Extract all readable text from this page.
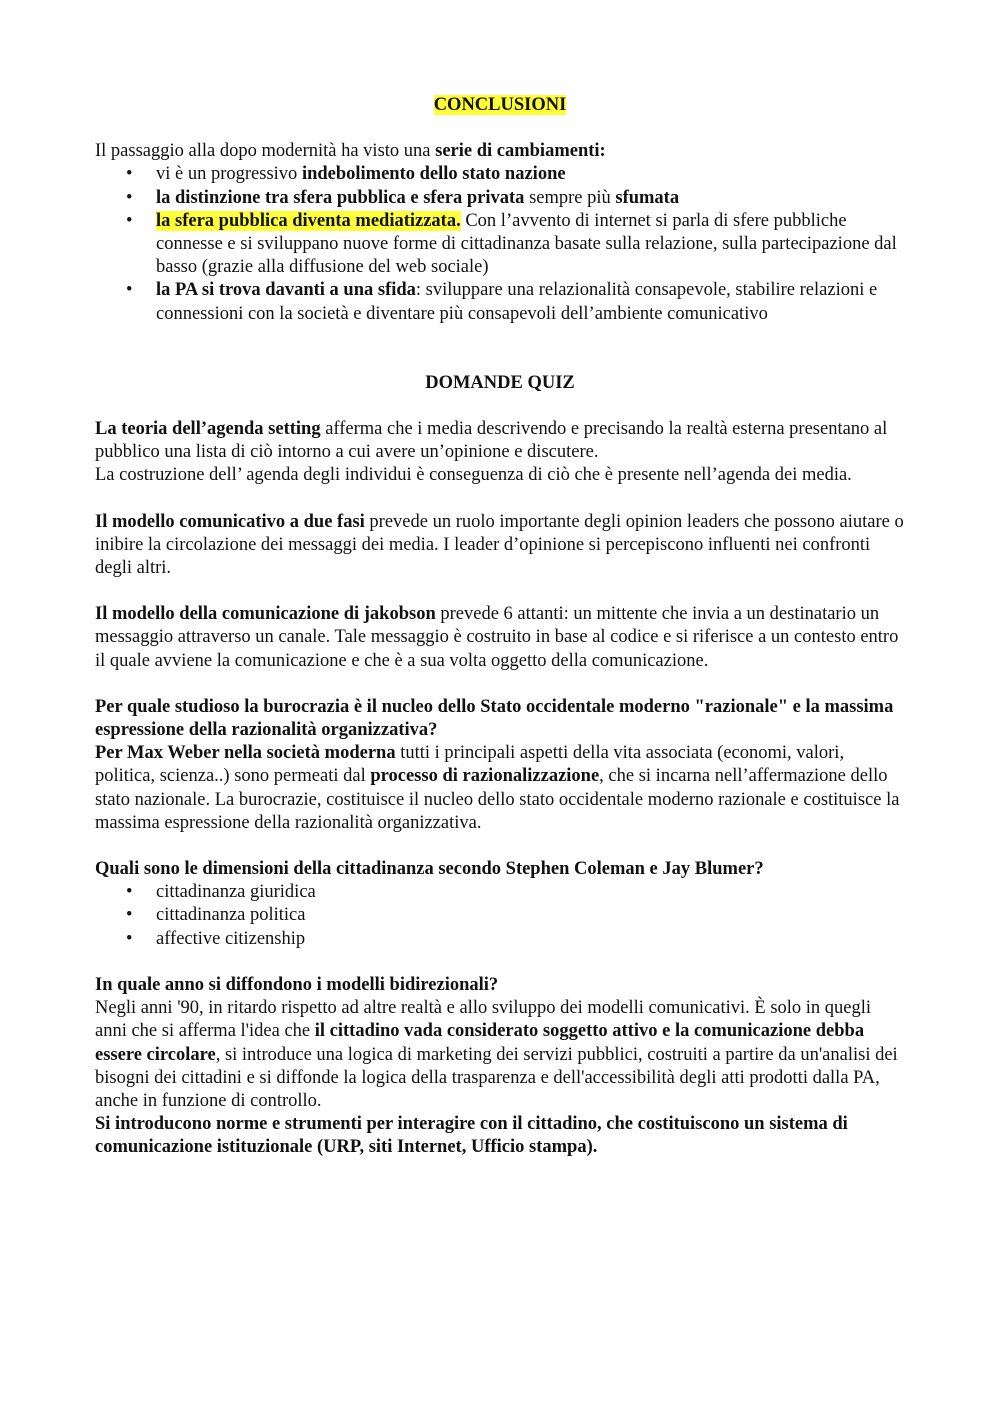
CONCLUSIONI

Il passaggio alla dopo modernità ha visto una serie di cambiamenti:

• vi è un progressivo indebolimento dello stato nazione
• la distinzione tra sfera pubblica e sfera privata sempre più sfumata
• la sfera pubblica diventa mediatizzata. Con l’avvento di internet si parla di sfere pubbliche connesse e si sviluppano nuove forme di cittadinanza basate sulla relazione, sulla partecipazione dal basso (grazie alla diffusione del web sociale)
• la PA si trova davanti a una sfida: sviluppare una relazionalità consapevole, stabilire relazioni e connessioni con la società e diventare più consapevoli dell’ambiente comunicativo

DOMANDE QUIZ

La teoria dell’agenda setting afferma che i media descrivendo e precisando la realtà esterna presentano al pubblico una lista di ciò intorno a cui avere un’opinione e discutere.

La costruzione dell’ agenda degli individui è conseguenza di ciò che è presente nell’agenda dei media.

Il modello comunicativo a due fasi prevede un ruolo importante degli opinion leaders che possono aiutare o inibire la circolazione dei messaggi dei media. I leader d’opinione si percepiscono influenti nei confronti degli altri.

Il modello della comunicazione di jakobson prevede 6 attanti: un mittente che invia a un destinatario un messaggio attraverso un canale. Tale messaggio è costruito in base al codice e si riferisce a un contesto entro il quale avviene la comunicazione e che è a sua volta oggetto della comunicazione.

Per quale studioso la burocrazia è il nucleo dello Stato occidentale moderno "razionale" e la massima espressione della razionalità organizzativa?

Per Max Weber nella società moderna tutti i principali aspetti della vita associata (economi, valori, politica, scienza..) sono permeati dal processo di razionalizzazione, che si incarna nell’affermazione dello stato nazionale. La burocrazie, costituisce il nucleo dello stato occidentale moderno razionale e costituisce la massima espressione della razionalità organizzativa.

Quali sono le dimensioni della cittadinanza secondo Stephen Coleman e Jay Blumer?

• cittadinanza giuridica
• cittadinanza politica
• affective citizenship

In quale anno si diffondono i modelli bidirezionali?

Negli anni '90, in ritardo rispetto ad altre realtà e allo sviluppo dei modelli comunicativi. È solo in quegli anni che si afferma l'idea che il cittadino vada considerato soggetto attivo e la comunicazione debba essere circolare, si introduce una logica di marketing dei servizi pubblici, costruiti a partire da un'analisi dei bisogni dei cittadini e si diffonde la logica della trasparenza e dell'accessibilità degli atti prodotti dalla PA, anche in funzione di controllo.

Si introducono norme e strumenti per interagire con il cittadino, che costituiscono un sistema di comunicazione istituzionale (URP, siti Internet, Ufficio stampa).
